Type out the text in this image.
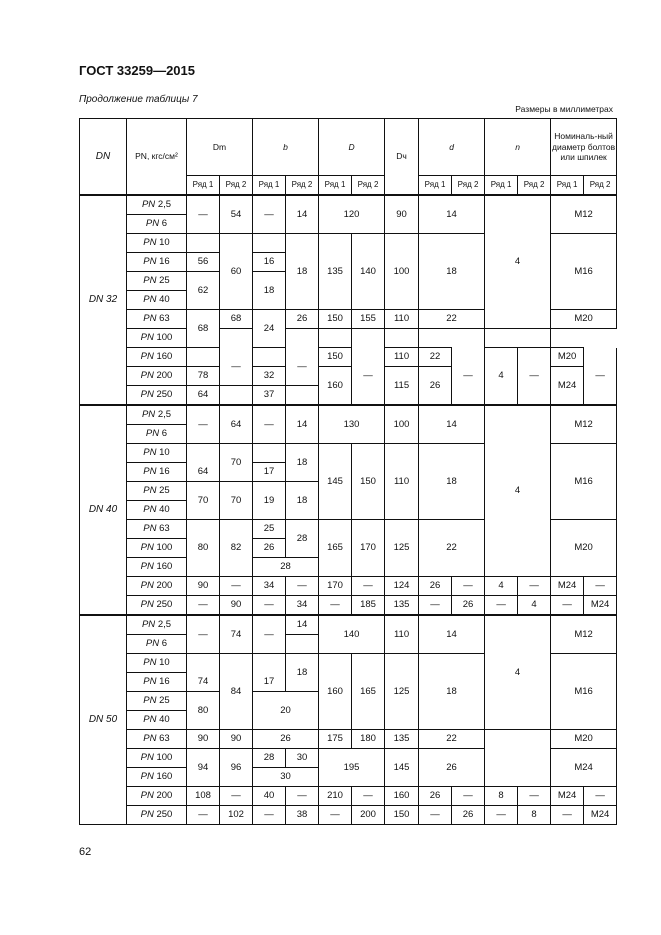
ГОСТ 33259—2015
Продолжение таблицы 7
Размеры в миллиметрах
DN	PN, кгс/см²	Dm		b		D		Dч	d		n		Номиналь-ный диаметр болтов или шпилек	
		Ряд 1	Ряд 2	Ряд 1	Ряд 2	Ряд 1	Ряд 2		Ряд 1	Ряд 2	Ряд 1	Ряд 2	Ряд 1	Ряд 2
DN 32	PN 2,5	—	54	—	14	120		90	14		4		M12	
	PN 6													
	PN 10		60		18	135	140	100	18				M16	
	PN 16	56		16										
	PN 25	62		18										
	PN 40													
	PN 63	68	68	24	26	150	155	110	22				M20	
	PN 100													
	PN 160		—		—	150	—	110	22	—	4	—	M20	—
	PN 200	78		32		160		115	26				M24	
	PN 250	64		37										
DN 40	PN 2,5	—	64	—	14	130		100	14		4		M12	
	PN 6													
	PN 10		70		18	145	150	110	18				M16	
	PN 16	64		17										
	PN 25	70	70	19	18									
	PN 40													
	PN 63	80	82	25	28	165	170	125	22				M20	
	PN 100			26										
	PN 160			28										
	PN 200	90	—	34	—	170	—	124	26	—	4	—	M24	—
	PN 250	—	90	—	34	—	185	135	—	26	—	4	—	M24
DN 50	PN 2,5	—	74	—	14	140		110	14		4		M12	
	PN 6													
	PN 10		84		18	160	165	125	18				M16	
	PN 16	74		17										
	PN 25	80		20										
	PN 40													
	PN 63	90	90	26		175	180	135	22				M20	
	PN 100	94	96	28	30	195		145	26				M24	
	PN 160			30										
	PN 200	108	—	40	—	210	—	160	26	—	8	—	M24	—
	PN 250	—	102	—	38	—	200	150	—	26	—	8	—	M24
62
